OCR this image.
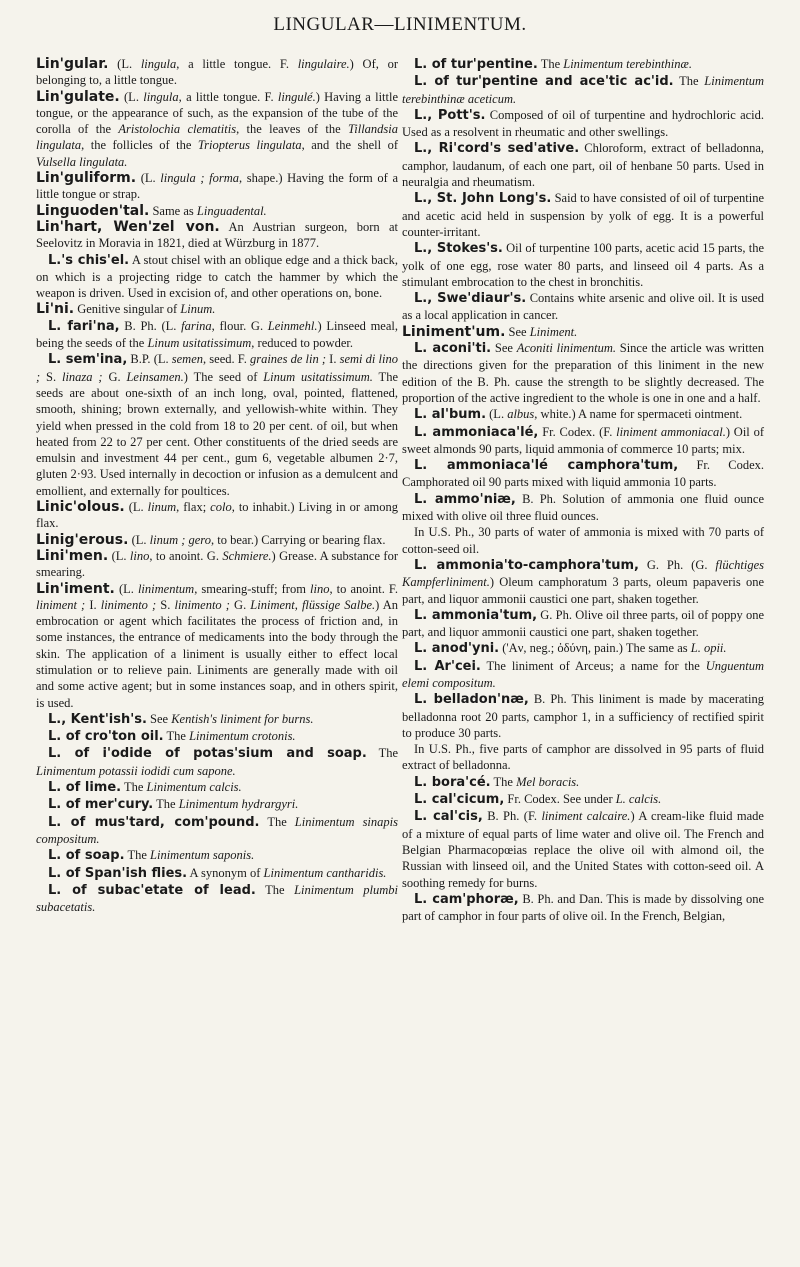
LINGULAR—LINIMENTUM.

Lin'gular. (L. lingula, a little tongue. F. lingulaire.) Of, or belonging to, a little tongue.

Lin'gulate. (L. lingula, a little tongue. F. lingulé.) Having a little tongue, or the appearance of such, as the expansion of the tube of the corolla of the Aristolochia clematitis, the leaves of the Tillandsia lingulata, the follicles of the Triopterus lingulata, and the shell of Vulsella lingulata.

Lin'guliform. (L. lingula ; forma, shape.) Having the form of a little tongue or strap.

Linguoden'tal. Same as Linguadental.

Lin'hart, Wen'zel von. An Austrian surgeon, born at Seelovitz in Moravia in 1821, died at Würzburg in 1877.

L.'s chis'el. A stout chisel with an oblique edge and a thick back, on which is a projecting ridge to catch the hammer by which the weapon is driven. Used in excision of, and other operations on, bone.

Li'ni. Genitive singular of Linum.

L. fari'na, B. Ph. (L. farina, flour. G. Leinmehl.) Linseed meal, being the seeds of the Linum usitatissimum, reduced to powder.

L. sem'ina, B.P. (L. semen, seed. F. graines de lin ; I. semi di lino ; S. linaza ; G. Leinsamen.) The seed of Linum usitatissimum. The seeds are about one-sixth of an inch long, oval, pointed, flattened, smooth, shining; brown externally, and yellowish-white within. They yield when pressed in the cold from 18 to 20 per cent. of oil, but when heated from 22 to 27 per cent. Other constituents of the dried seeds are emulsin and investment 44 per cent., gum 6, vegetable albumen 2·7, gluten 2·93. Used internally in decoction or infusion as a demulcent and emollient, and externally for poultices.

Linic'olous. (L. linum, flax; colo, to inhabit.) Living in or among flax.

Linig'erous. (L. linum ; gero, to bear.) Carrying or bearing flax.

Lini'men. (L. lino, to anoint. G. Schmiere.) Grease. A substance for smearing.

Lin'iment. (L. linimentum, smearing-stuff; from lino, to anoint. F. liniment ; I. linimento ; S. linimento ; G. Liniment, flüssige Salbe.) An embrocation or agent which facilitates the process of friction and, in some instances, the entrance of medicaments into the body through the skin. The application of a liniment is usually either to effect local stimulation or to relieve pain. Liniments are generally made with oil and some active agent; but in some instances soap, and in others spirit, is used.

L., Kent'ish's. See Kentish's liniment for burns.

L. of cro'ton oil. The Linimentum crotonis.

L. of i'odide of potas'sium and soap. The Linimentum potassii iodidi cum sapone.

L. of lime. The Linimentum calcis.

L. of mer'cury. The Linimentum hydrargyri.

L. of mus'tard, com'pound. The Linimentum sinapis compositum.

L. of soap. The Linimentum saponis.

L. of Span'ish flies. A synonym of Linimentum cantharidis.

L. of subac'etate of lead. The Linimentum plumbi subacetatis.

L. of tur'pentine. The Linimentum terebinthinæ.

L. of tur'pentine and ace'tic ac'id. The Linimentum terebinthinæ aceticum.

L., Pott's. Composed of oil of turpentine and hydrochloric acid. Used as a resolvent in rheumatic and other swellings.

L., Ri'cord's sed'ative. Chloroform, extract of belladonna, camphor, laudanum, of each one part, oil of henbane 50 parts. Used in neuralgia and rheumatism.

L., St. John Long's. Said to have consisted of oil of turpentine and acetic acid held in suspension by yolk of egg. It is a powerful counter-irritant.

L., Stokes's. Oil of turpentine 100 parts, acetic acid 15 parts, the yolk of one egg, rose water 80 parts, and linseed oil 4 parts. As a stimulant embrocation to the chest in bronchitis.

L., Swe'diaur's. Contains white arsenic and olive oil. It is used as a local application in cancer.

Liniment'um. See Liniment.

L. aconi'ti. See Aconiti linimentum. Since the article was written the directions given for the preparation of this liniment in the new edition of the B. Ph. cause the strength to be slightly decreased. The proportion of the active ingredient to the whole is one in one and a half.

L. al'bum. (L. albus, white.) A name for spermaceti ointment.

L. ammoniaca'lé, Fr. Codex. (F. liniment ammoniacal.) Oil of sweet almonds 90 parts, liquid ammonia of commerce 10 parts; mix.

L. ammoniaca'lé camphora'tum, Fr. Codex. Camphorated oil 90 parts mixed with liquid ammonia 10 parts.

L. ammo'niæ, B. Ph. Solution of ammonia one fluid ounce mixed with olive oil three fluid ounces.

In U.S. Ph., 30 parts of water of ammonia is mixed with 70 parts of cotton-seed oil.

L. ammonia'to-camphora'tum, G. Ph. (G. flüchtiges Kampferliniment.) Oleum camphoratum 3 parts, oleum papaveris one part, and liquor ammonii caustici one part, shaken together.

L. ammonia'tum, G. Ph. Olive oil three parts, oil of poppy one part, and liquor ammonii caustici one part, shaken together.

L. anod'yni. ('Aν, neg.; ὀδύνη, pain.) The same as L. opii.

L. Ar'cei. The liniment of Arceus; a name for the Unguentum elemi compositum.

L. belladon'næ, B. Ph. This liniment is made by macerating belladonna root 20 parts, camphor 1, in a sufficiency of rectified spirit to produce 30 parts.

In U.S. Ph., five parts of camphor are dissolved in 95 parts of fluid extract of belladonna.

L. bora'cé. The Mel boracis.

L. cal'cicum, Fr. Codex. See under L. calcis.

L. cal'cis, B. Ph. (F. liniment calcaire.) A cream-like fluid made of a mixture of equal parts of lime water and olive oil. The French and Belgian Pharmacopœias replace the olive oil with almond oil, the Russian with linseed oil, and the United States with cotton-seed oil. A soothing remedy for burns.

L. cam'phoræ, B. Ph. and Dan. This is made by dissolving one part of camphor in four parts of olive oil. In the French, Belgian,
